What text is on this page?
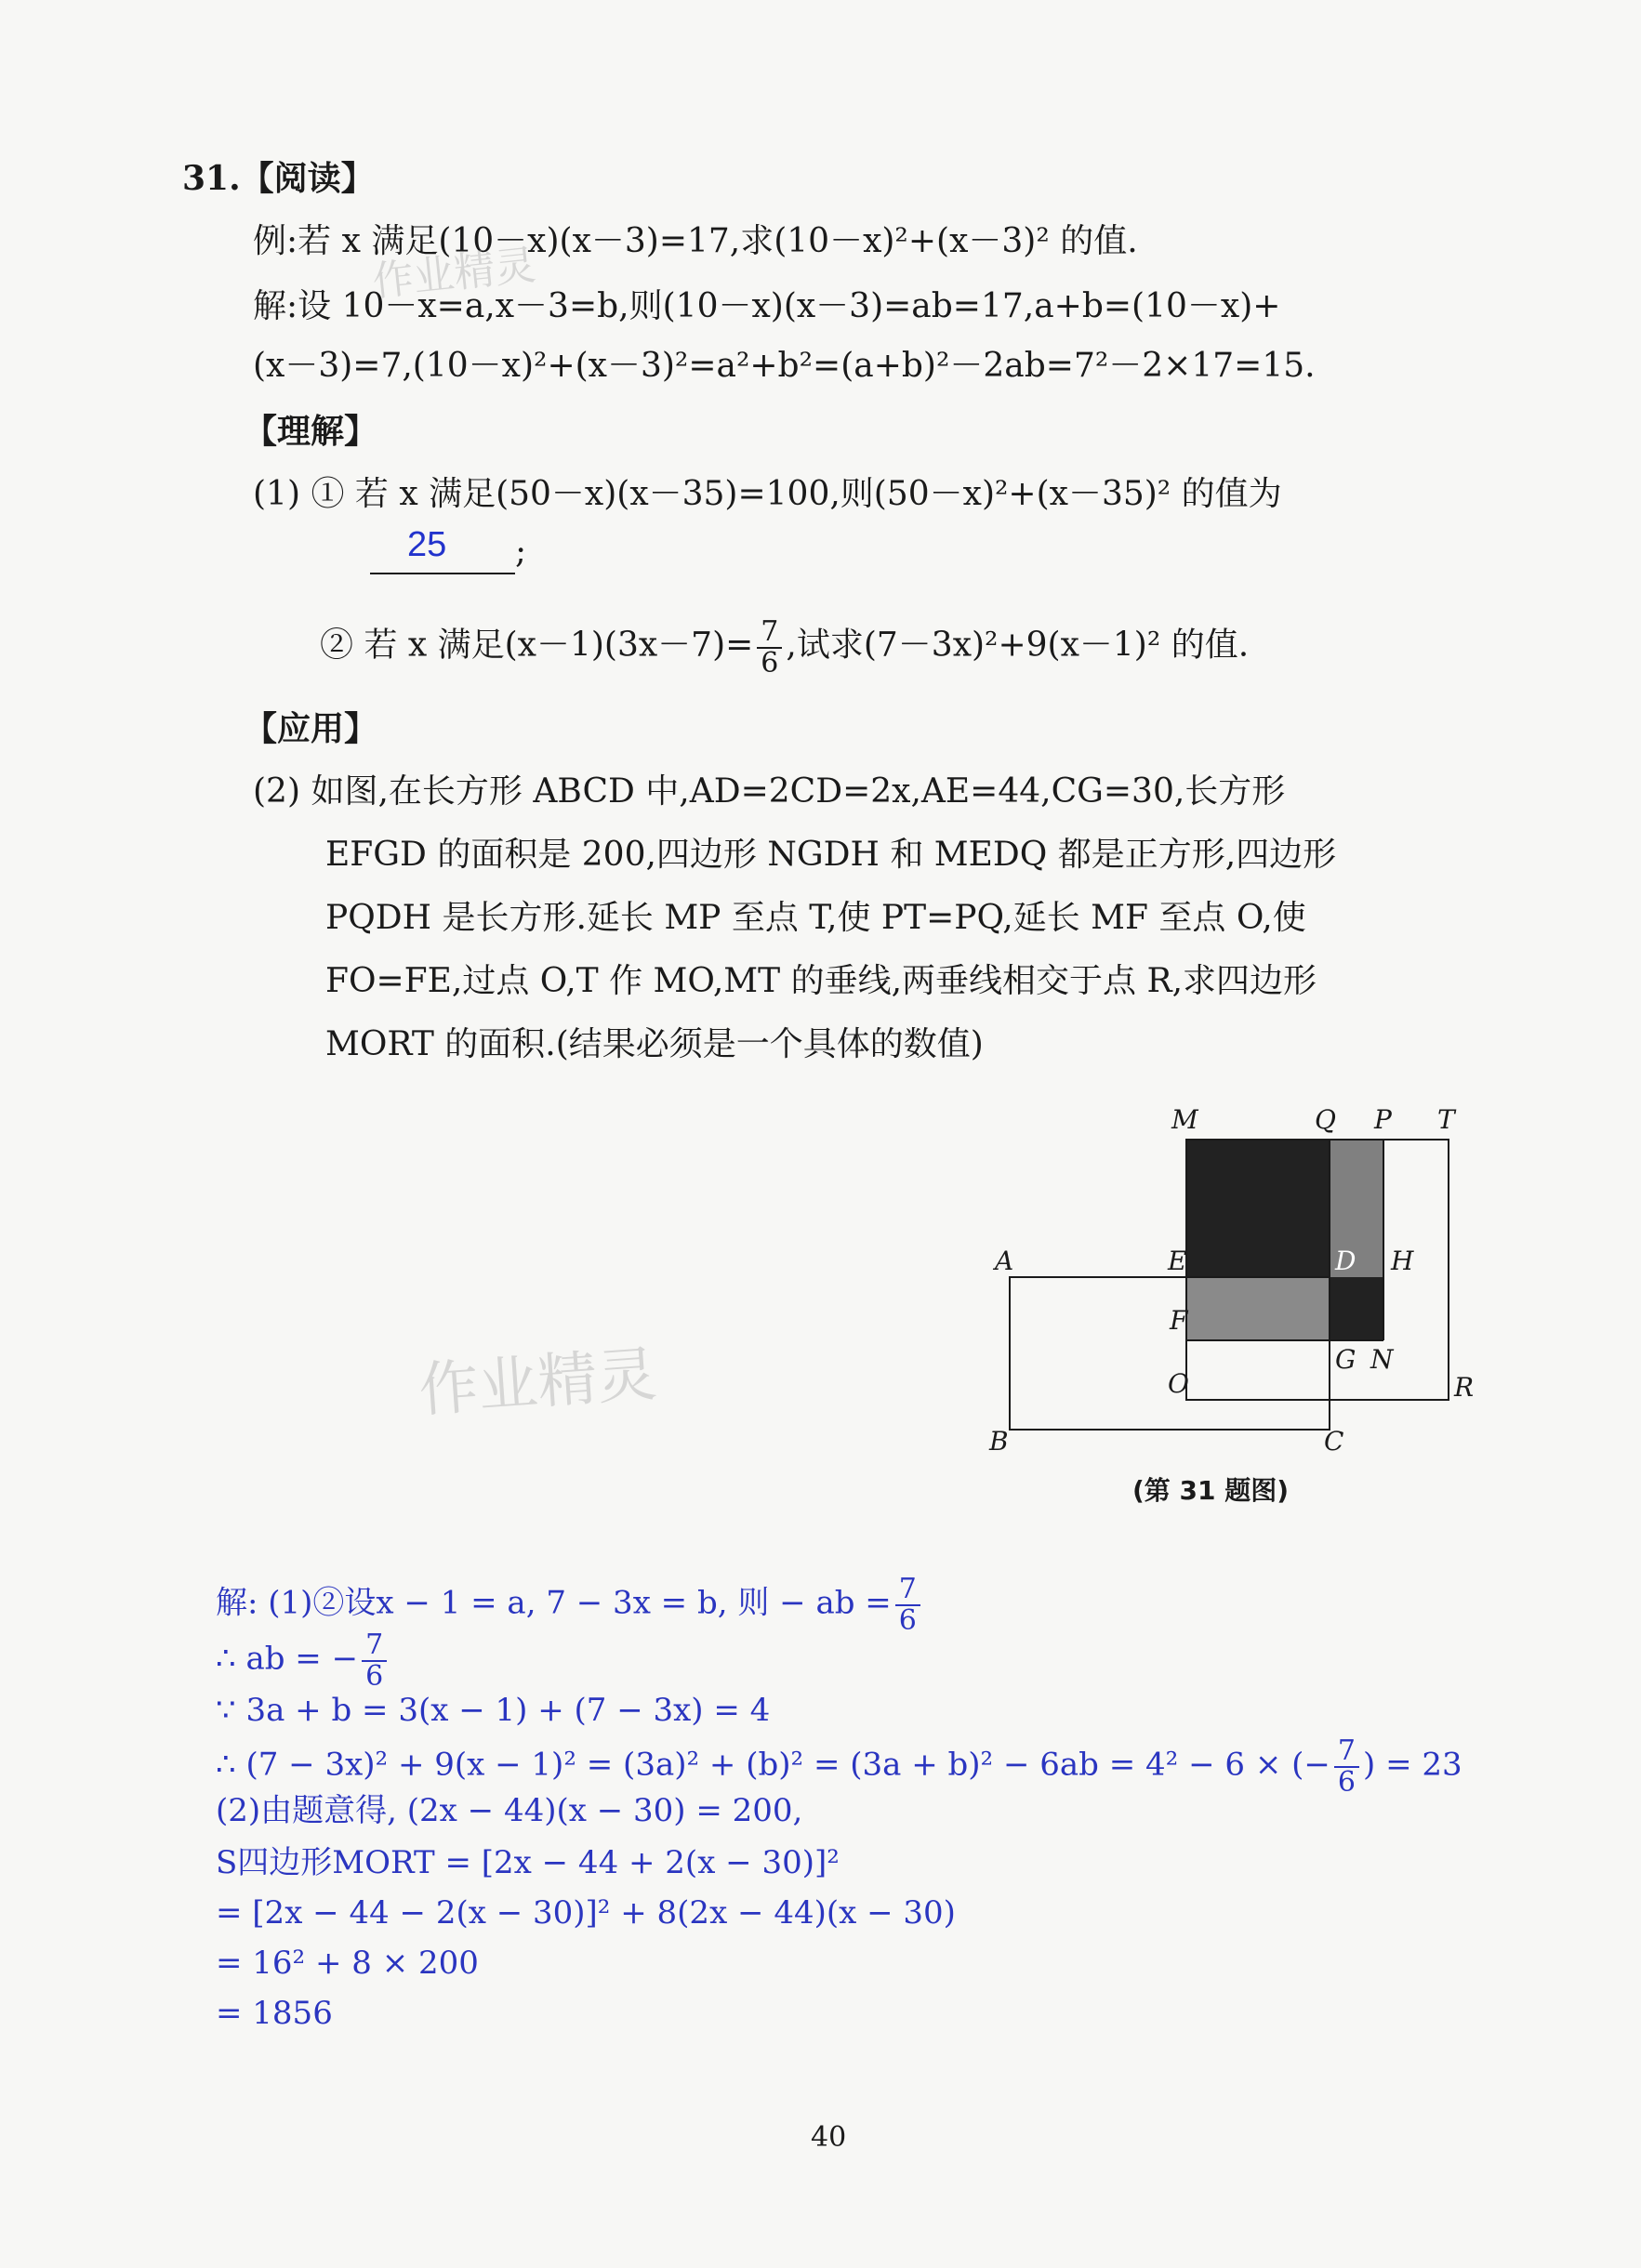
31.【阅读】
例:若 x 满足(10－x)(x－3)=17,求(10－x)²+(x－3)² 的值.
解:设 10－x=a,x－3=b,则(10－x)(x－3)=ab=17,a+b=(10－x)+
(x－3)=7,(10－x)²+(x－3)²=a²+b²=(a+b)²－2ab=7²－2×17=15.
【理解】
(1) ① 若 x 满足(50－x)(x－35)=100,则(50－x)²+(x－35)² 的值为
25 ;
② 若 x 满足$(x-1)(3x-7)= \frac{7}{6}$ ,试求(7－3x)²+9(x－1)² 的值.
【应用】
(2) 如图,在长方形 ABCD 中,AD=2CD=2x,AE=44,CG=30,长方形
EFGD 的面积是 200,四边形 NGDH 和 MEDQ 都是正方形,四边形
PQDH 是长方形.延长 MP 至点 T,使 PT=PQ,延长 MF 至点 O,使
FO=FE,过点 O,T 作 MO,MT 的垂线,两垂线相交于点 R,求四边形
MORT 的面积.(结果必须是一个具体的数值)
M	Q P T
A	E	D H
F
G N
O	R
B	C
(第 31 题图)
作业精灵
作业精灵
解: (1)②设x − 1 = a, 7 − 3x = b, 则 − ab = $\frac{7}{6}$
∴ ab = − $\frac{7}{6}$
∵ 3a + b = 3(x − 1) + (7 − 3x) = 4
∴ (7 − 3x)² + 9(x − 1)² = (3a)² + (b)² = (3a + b)² − 6ab = 4² − 6 × (− $\frac{7}{6}$ ) = 23
(2)由题意得, (2x − 44)(x − 30) = 200,
S四边形MORT = [2x − 44 + 2(x − 30)]²
= [2x − 44 − 2(x − 30)]² + 8(2x − 44)(x − 30)
= 16² + 8 × 200
= 1856
40
